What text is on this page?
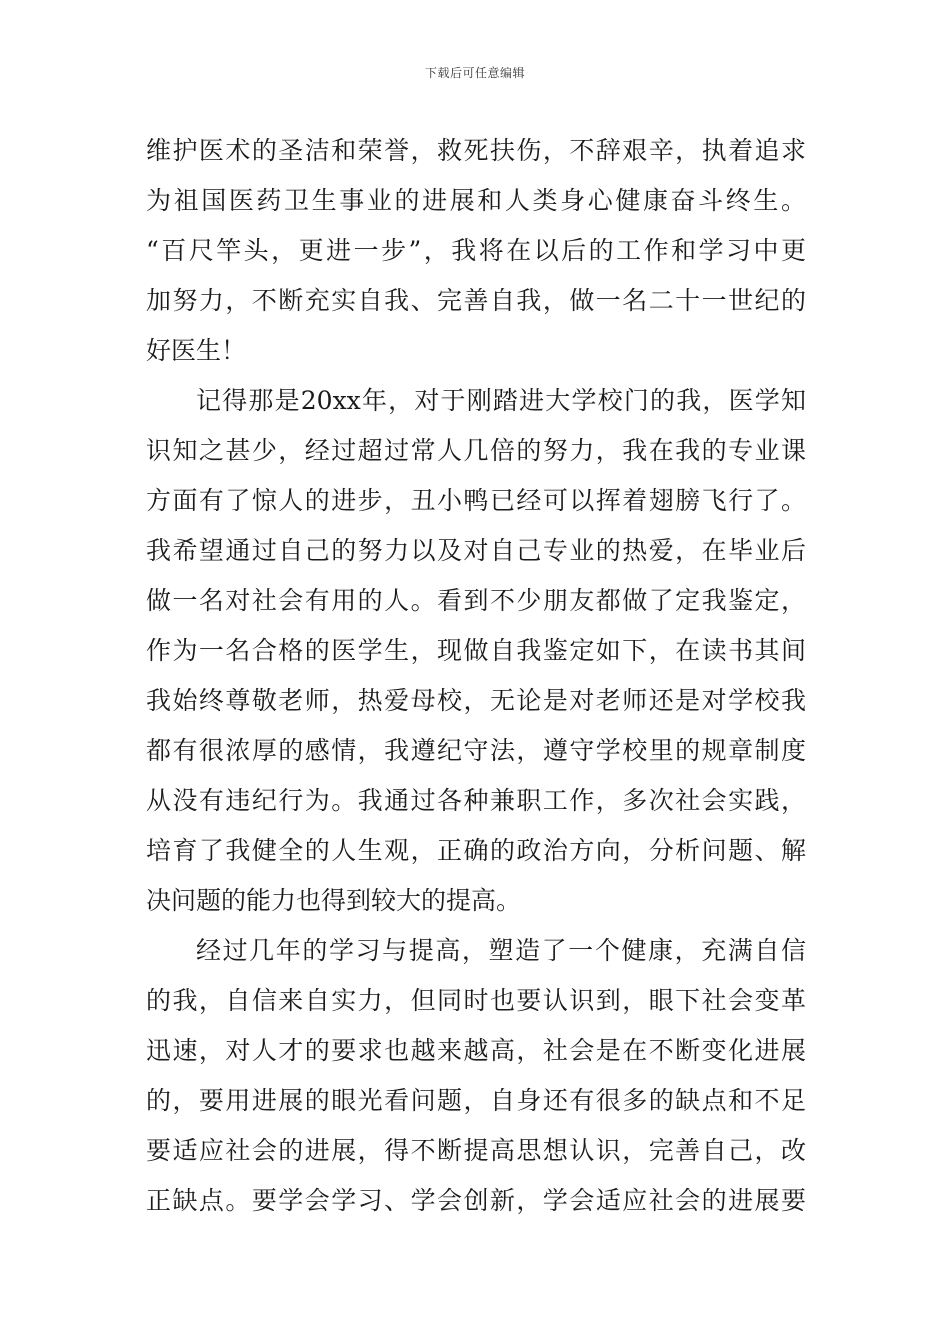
下载后可任意编辑
维护医术的圣洁和荣誉，救死扶伤，不辞艰辛，执着追求
为祖国医药卫生事业的进展和人类身心健康奋斗终生。
“百尺竿头，更进一步”，我将在以后的工作和学习中更
加努力，不断充实自我、完善自我，做一名二十一世纪的
好医生！
记得那是20xx年，对于刚踏进大学校门的我，医学知
识知之甚少，经过超过常人几倍的努力，我在我的专业课
方面有了惊人的进步，丑小鸭已经可以挥着翅膀飞行了。
我希望通过自己的努力以及对自己专业的热爱，在毕业后
做一名对社会有用的人。看到不少朋友都做了定我鉴定，
作为一名合格的医学生，现做自我鉴定如下，在读书其间
我始终尊敬老师，热爱母校，无论是对老师还是对学校我
都有很浓厚的感情，我遵纪守法，遵守学校里的规章制度
从没有违纪行为。我通过各种兼职工作，多次社会实践，
培育了我健全的人生观，正确的政治方向，分析问题、解
决问题的能力也得到较大的提高。
经过几年的学习与提高，塑造了一个健康，充满自信
的我，自信来自实力，但同时也要认识到，眼下社会变革
迅速，对人才的要求也越来越高，社会是在不断变化进展
的，要用进展的眼光看问题，自身还有很多的缺点和不足
要适应社会的进展，得不断提高思想认识，完善自己，改
正缺点。要学会学习、学会创新，学会适应社会的进展要
